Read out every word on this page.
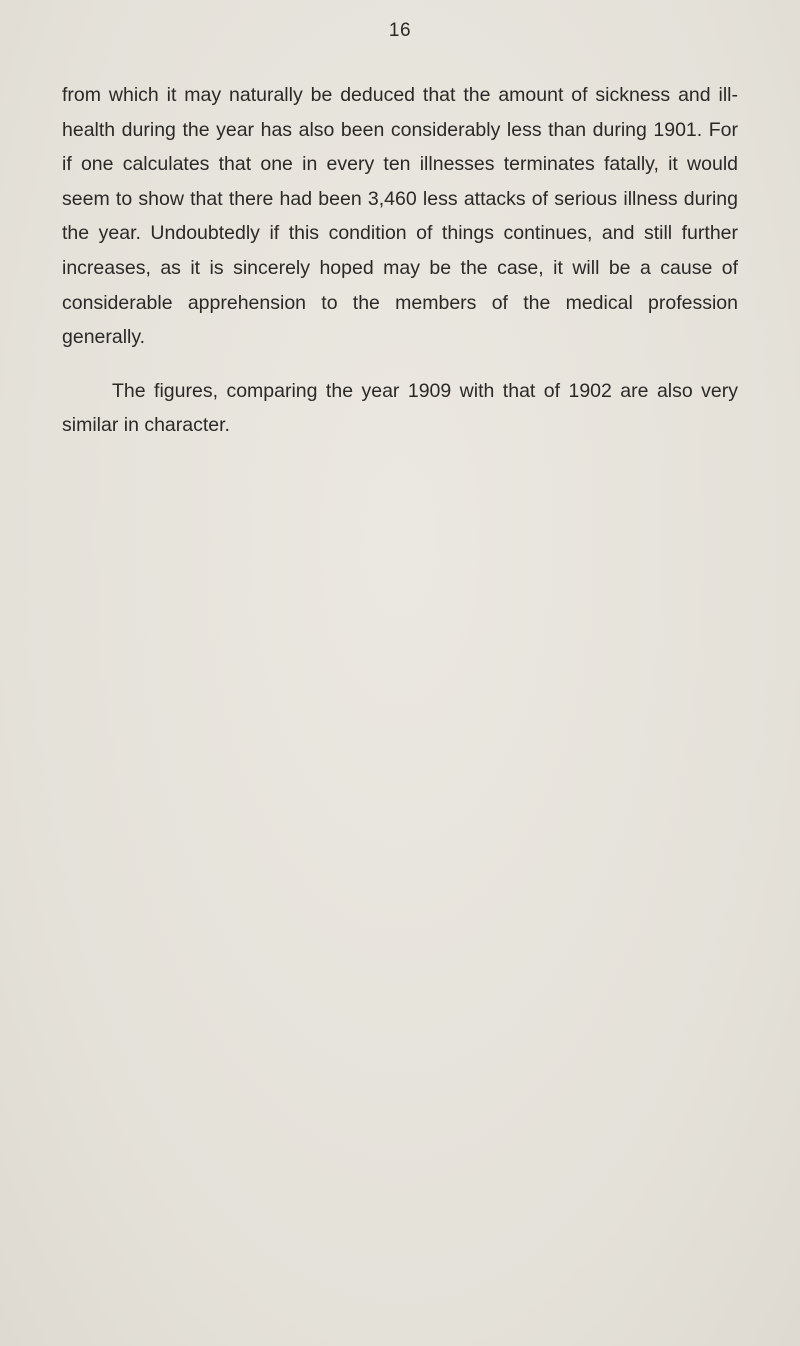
16

from which it may naturally be deduced that the amount of sickness and ill-health during the year has also been considerably less than during 1901. For if one calculates that one in every ten illnesses terminates fatally, it would seem to show that there had been 3,460 less attacks of serious illness during the year. Undoubtedly if this condition of things continues, and still further increases, as it is sincerely hoped may be the case, it will be a cause of considerable apprehension to the members of the medical profession generally.

The figures, comparing the year 1909 with that of 1902 are also very similar in character.
